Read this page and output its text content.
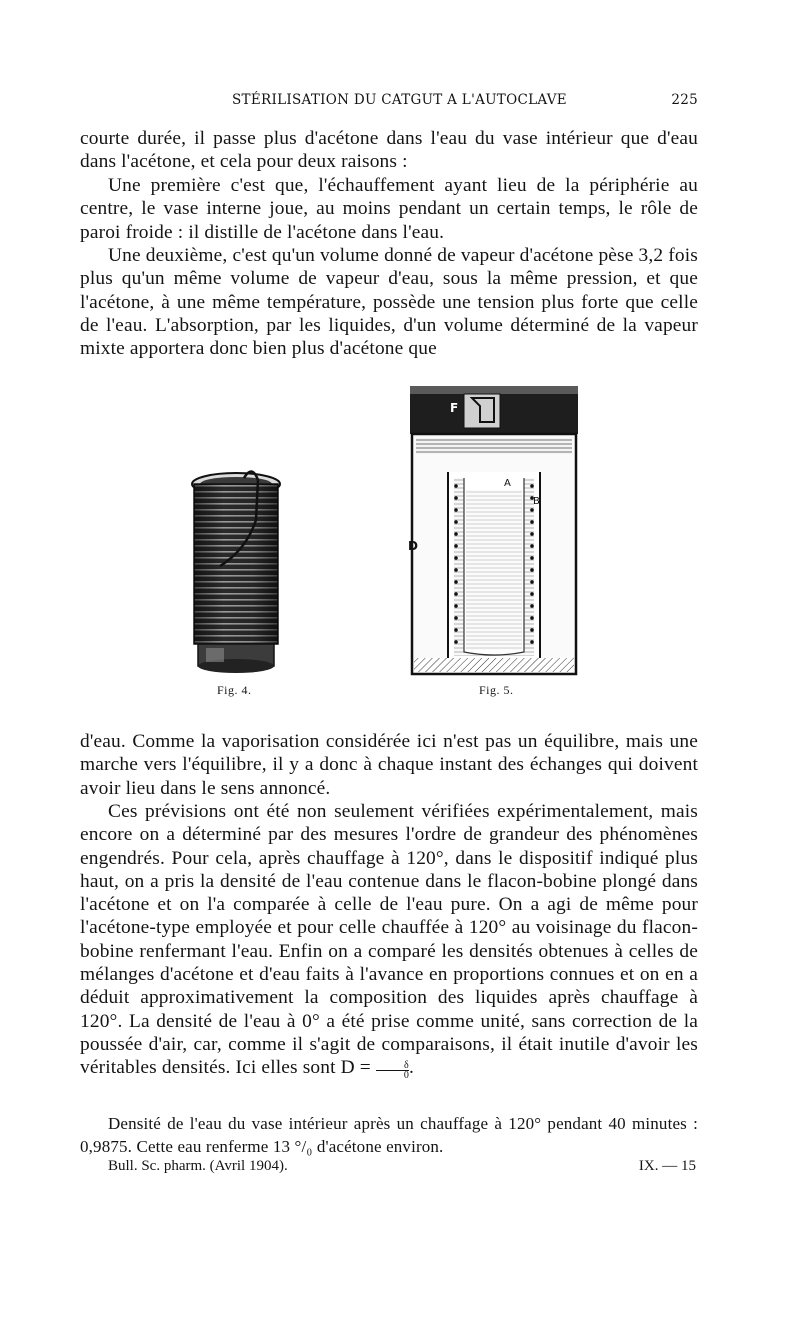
STÉRILISATION DU CATGUT A L'AUTOCLAVE	225

courte durée, il passe plus d'acétone dans l'eau du vase intérieur que d'eau dans l'acétone, et cela pour deux raisons :

Une première c'est que, l'échauffement ayant lieu de la périphérie au centre, le vase interne joue, au moins pendant un certain temps, le rôle de paroi froide : il distille de l'acétone dans l'eau.

Une deuxième, c'est qu'un volume donné de vapeur d'acétone pèse 3,2 fois plus qu'un même volume de vapeur d'eau, sous la même pression, et que l'acétone, à une même température, possède une tension plus forte que celle de l'eau. L'absorption, par les liquides, d'un volume déterminé de la vapeur mixte apportera donc bien plus d'acétone que

Fig. 4.
F
A
B
D
Fig. 5.

d'eau. Comme la vaporisation considérée ici n'est pas un équilibre, mais une marche vers l'équilibre, il y a donc à chaque instant des échanges qui doivent avoir lieu dans le sens annoncé.

Ces prévisions ont été non seulement vérifiées expérimentalement, mais encore on a déterminé par des mesures l'ordre de grandeur des phénomènes engendrés. Pour cela, après chauffage à 120°, dans le dispositif indiqué plus haut, on a pris la densité de l'eau contenue dans le flacon-bobine plongé dans l'acétone et on l'a comparée à celle de l'eau pure. On a agi de même pour l'acétone-type employée et pour celle chauffée à 120° au voisinage du flacon-bobine renfermant l'eau. Enfin on a comparé les densités obtenues à celles de mélanges d'acétone et d'eau faits à l'avance en proportions connues et on en a déduit approximativement la composition des liquides après chauffage à 120°. La densité de l'eau à 0° a été prise comme unité, sans correction de la poussée d'air, car, comme il s'agit de comparaisons, il était inutile d'avoir les véritables densités. Ici elles sont $D = \frac{\delta}{0}$ .

Densité de l'eau du vase intérieur après un chauffage à 120° pendant 40 minutes : 0,9875. Cette eau renferme 13 °/₀ d'acétone environ.

Bull. Sc. pharm. (Avril 1904).	IX. — 15
